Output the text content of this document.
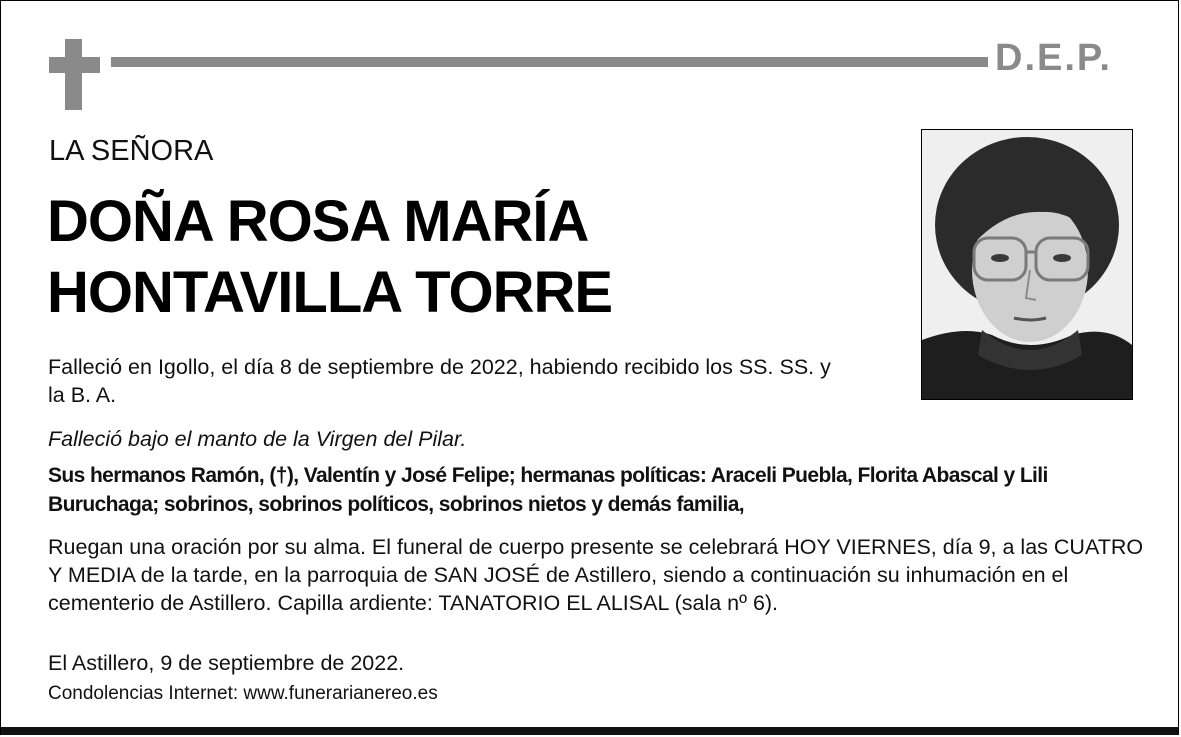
D.E.P.
LA SEÑORA
DOÑA ROSA MARÍA
HONTAVILLA TORRE
Falleció en Igollo, el día 8 de septiembre de 2022, habiendo recibido los SS. SS. y la B. A.
Falleció bajo el manto de la Virgen del Pilar.
Sus hermanos Ramón, (†), Valentín y José Felipe; hermanas políticas: Araceli Puebla, Florita Abascal y Lili Buruchaga; sobrinos, sobrinos políticos, sobrinos nietos y demás familia,
Ruegan una oración por su alma. El funeral de cuerpo presente se celebrará HOY VIERNES, día 9, a las CUATRO Y MEDIA de la tarde, en la parroquia de SAN JOSÉ de Astillero, siendo a continuación su inhumación en el cementerio de Astillero. Capilla ardiente: TANATORIO EL ALISAL (sala nº 6).
El Astillero, 9 de septiembre de 2022.
Condolencias Internet: www.funerarianereo.es
